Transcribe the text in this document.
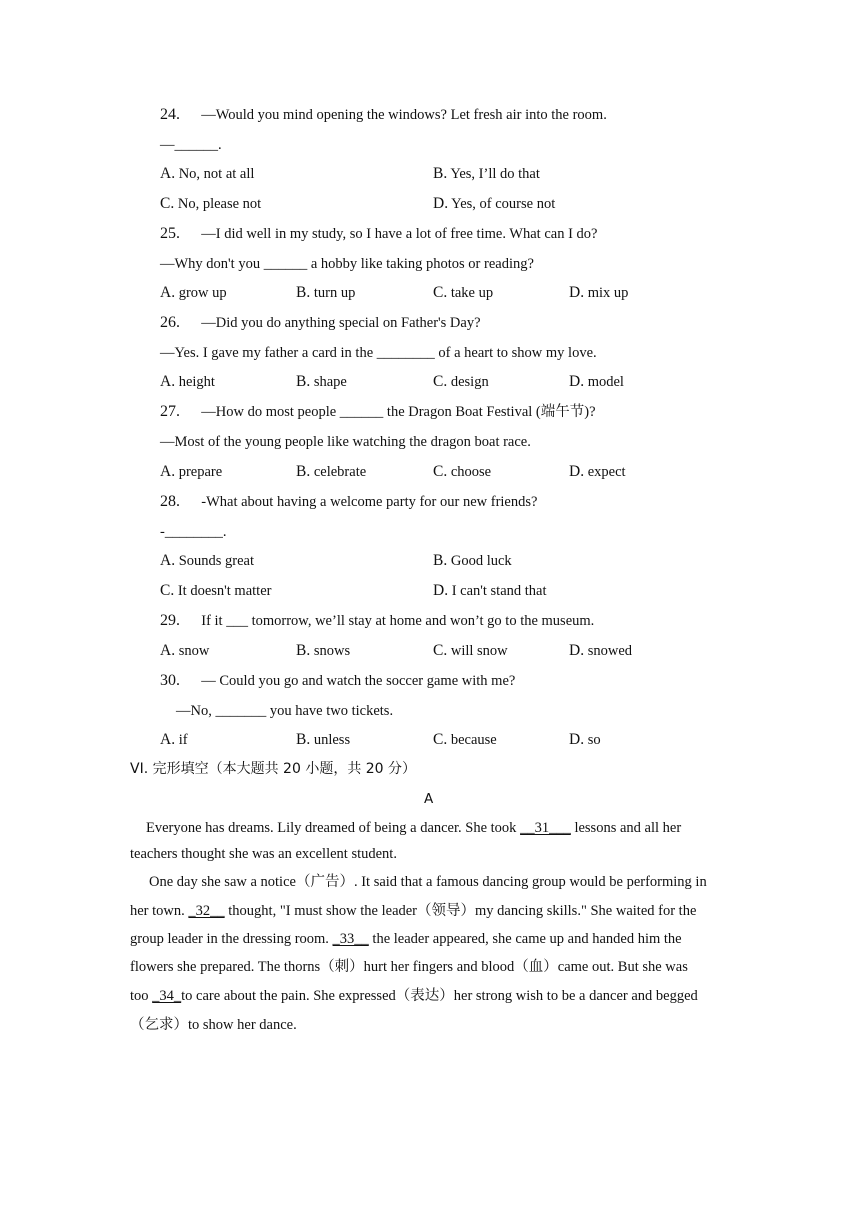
24. —Would you mind opening the windows? Let fresh air into the room.
—______.
A. No, not at all	B. Yes, I’ll do that
C. No, please not	D. Yes, of course not
25. —I did well in my study, so I have a lot of free time. What can I do?
—Why don't you ______ a hobby like taking photos or reading?
A. grow up	B. turn up	C. take up	D. mix up
26. —Did you do anything special on Father's Day?
—Yes. I gave my father a card in the ________ of a heart to show my love.
A. height	B. shape	C. design	D. model
27. —How do most people ______ the Dragon Boat Festival (端午节)?
—Most of the young people like watching the dragon boat race.
A. prepare	B. celebrate	C. choose	D. expect
28. -What about having a welcome party for our new friends?
-________.
A. Sounds great	B. Good luck
C. It doesn't matter	D. I can't stand that
29. If it ___ tomorrow, we’ll stay at home and won’t go to the museum.
A. snow	B. snows	C. will snow	D. snowed
30. — Could you go and watch the soccer game with me?
—No, _______ you have two tickets.
A. if	B. unless	C. because	D. so
VI. 完形填空（本大题共 20 小题，共 20 分）
A
Everyone has dreams. Lily dreamed of being a dancer. She took __31___ lessons and all her
teachers thought she was an excellent student.
One day she saw a notice（广告）. It said that a famous dancing group would be performing in
her town. _32__ thought, "I must show the leader（领导）my dancing skills." She waited for the
group leader in the dressing room. _33__ the leader appeared, she came up and handed him the
flowers she prepared. The thorns（刺）hurt her fingers and blood（血）came out. But she was
too _34_to care about the pain. She expressed（表达）her strong wish to be a dancer and begged
（乞求）to show her dance.
